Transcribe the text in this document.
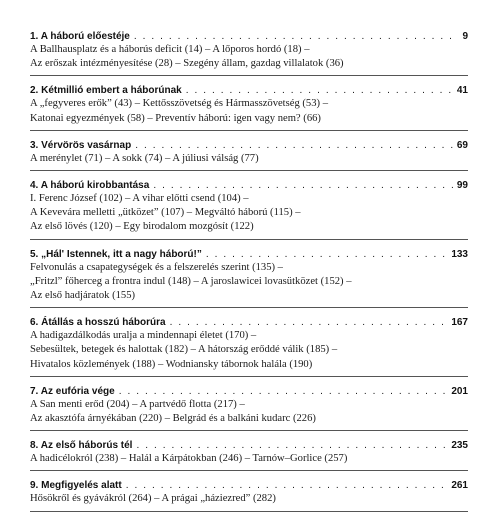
1. A háború előestéje . . .	9
A Ballhausplatz és a háborús deficit (14) – A lőporos hordó (18) –
Az erőszak intézményesítése (28) – Szegény állam, gazdag villalatok (36)
2. Kétmillió embert a háborúnak . . .	41
A „fegyveres erők” (43) – Kettősszövetség és Hármasszövetség (53) –
Katonai egyezmények (58) – Preventív háború: igen vagy nem? (66)
3. Vérvörös vasárnap . . .	69
A merénylet (71) – A sokk (74) – A júliusi válság (77)
4. A háború kirobbantása . . .	99
I. Ferenc József (102) – A vihar előtti csend (104) –
A Kevevára melletti „ütközet” (107) – Megváltó háború (115) –
Az első lövés (120) – Egy birodalom mozgósít (122)
5. „Hál' Istennek, itt a nagy háború!” . . .	133
Felvonulás a csapategységek és a felszerelés szerint (135) –
„Fritzl” főherceg a frontra indul (148) – A jaroslawicei lovasütközet (152) –
Az első hadjáratok (155)
6. Átállás a hosszú háborúra . . .	167
A hadigazdálkodás uralja a mindennapi életet (170) –
Sebesültek, betegek és halottak (182) – A hátország erőddé válik (185) –
Hivatalos közlemények (188) – Wodniansky tábornok halála (190)
7. Az eufória vége . . .	201
A San menti erőd (204) – A partvédő flotta (217) –
Az akasztófa árnyékában (220) – Belgrád és a balkáni kudarc (226)
8. Az első háborús tél . . .	235
A hadicélokról (238) – Halál a Kárpátokban (246) – Tarnów–Gorlice (257)
9. Megfigyelés alatt . . .	261
Hősökről és gyávákról (264) – A prágai „háziezred” (282)
